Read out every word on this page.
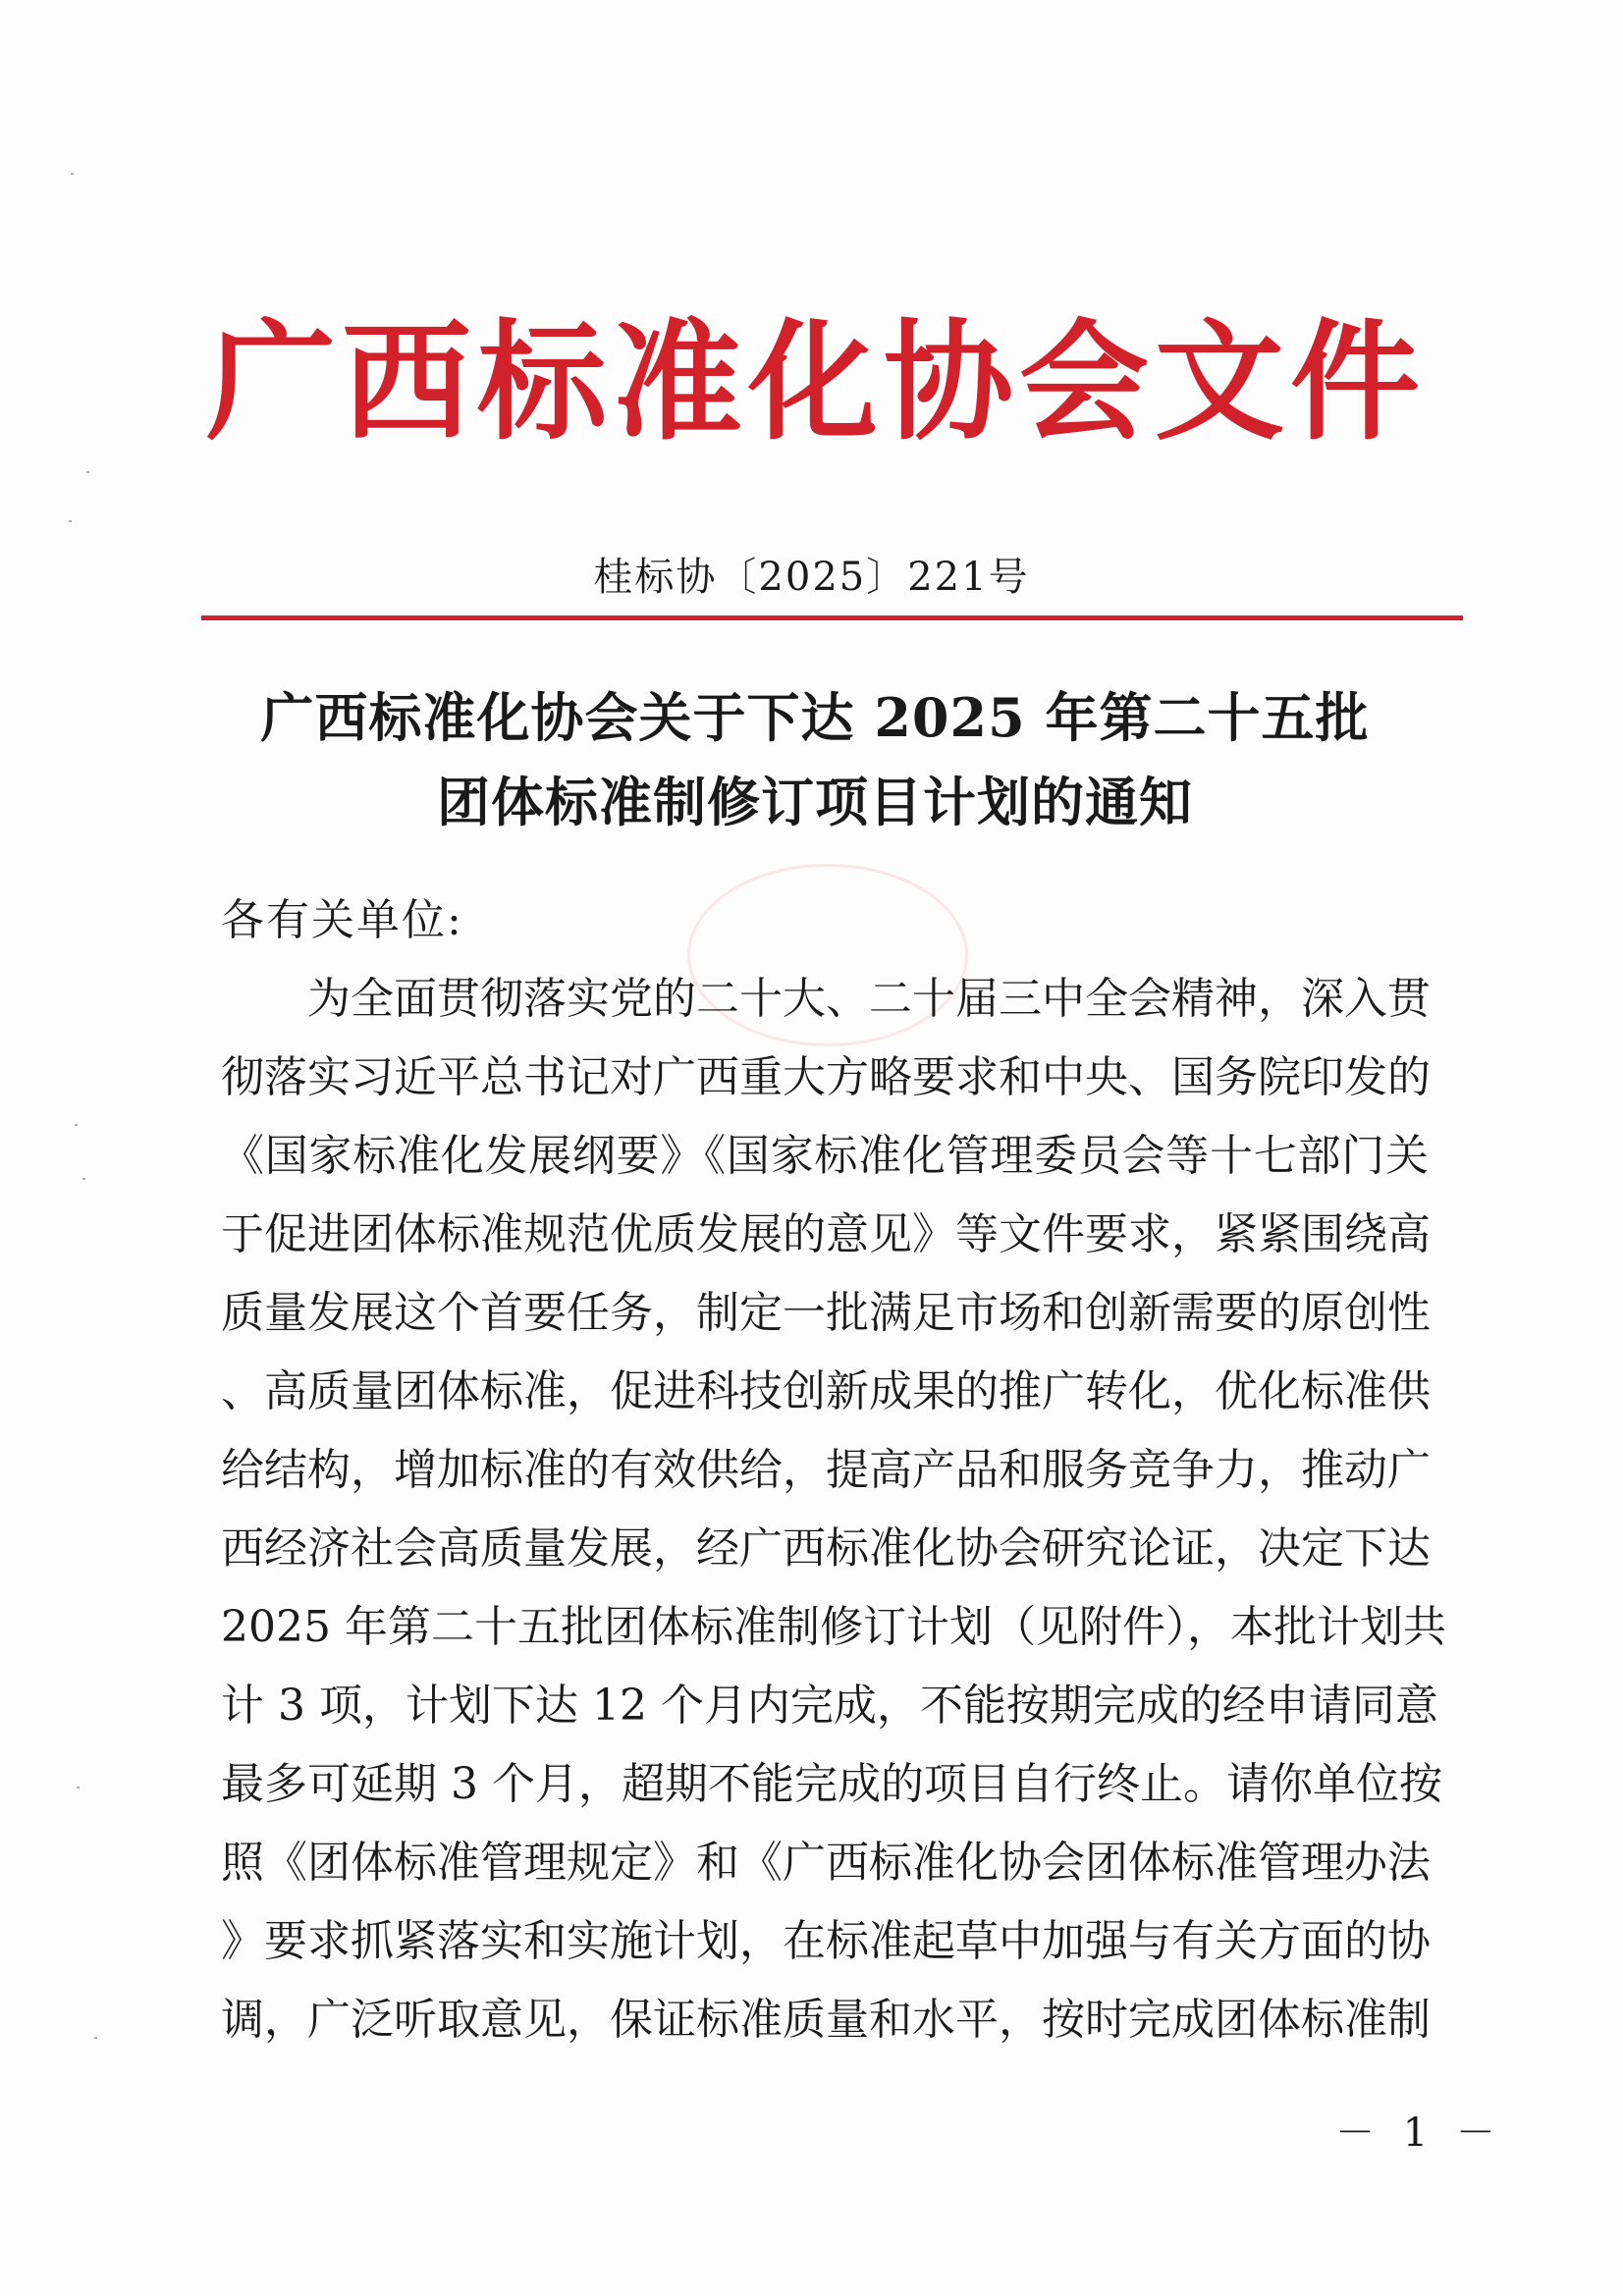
广西标准化协会文件
桂标协〔2025〕221号
广西标准化协会关于下达 2025 年第二十五批
团体标准制修订项目计划的通知
各有关单位:
为全面贯彻落实党的二十大、二十届三中全会精神，深入贯
彻落实习近平总书记对广西重大方略要求和中央、国务院印发的
《国家标准化发展纲要》《国家标准化管理委员会等十七部门关
于促进团体标准规范优质发展的意见》等文件要求，紧紧围绕高
质量发展这个首要任务，制定一批满足市场和创新需要的原创性
、高质量团体标准，促进科技创新成果的推广转化，优化标准供
给结构，增加标准的有效供给，提高产品和服务竞争力，推动广
西经济社会高质量发展，经广西标准化协会研究论证，决定下达
2025 年第二十五批团体标准制修订计划（见附件），本批计划共
计 3 项，计划下达 12 个月内完成，不能按期完成的经申请同意
最多可延期 3 个月，超期不能完成的项目自行终止。请你单位按
照《团体标准管理规定》和《广西标准化协会团体标准管理办法
》要求抓紧落实和实施计划，在标准起草中加强与有关方面的协
调，广泛听取意见，保证标准质量和水平，按时完成团体标准制
－ 1 －
